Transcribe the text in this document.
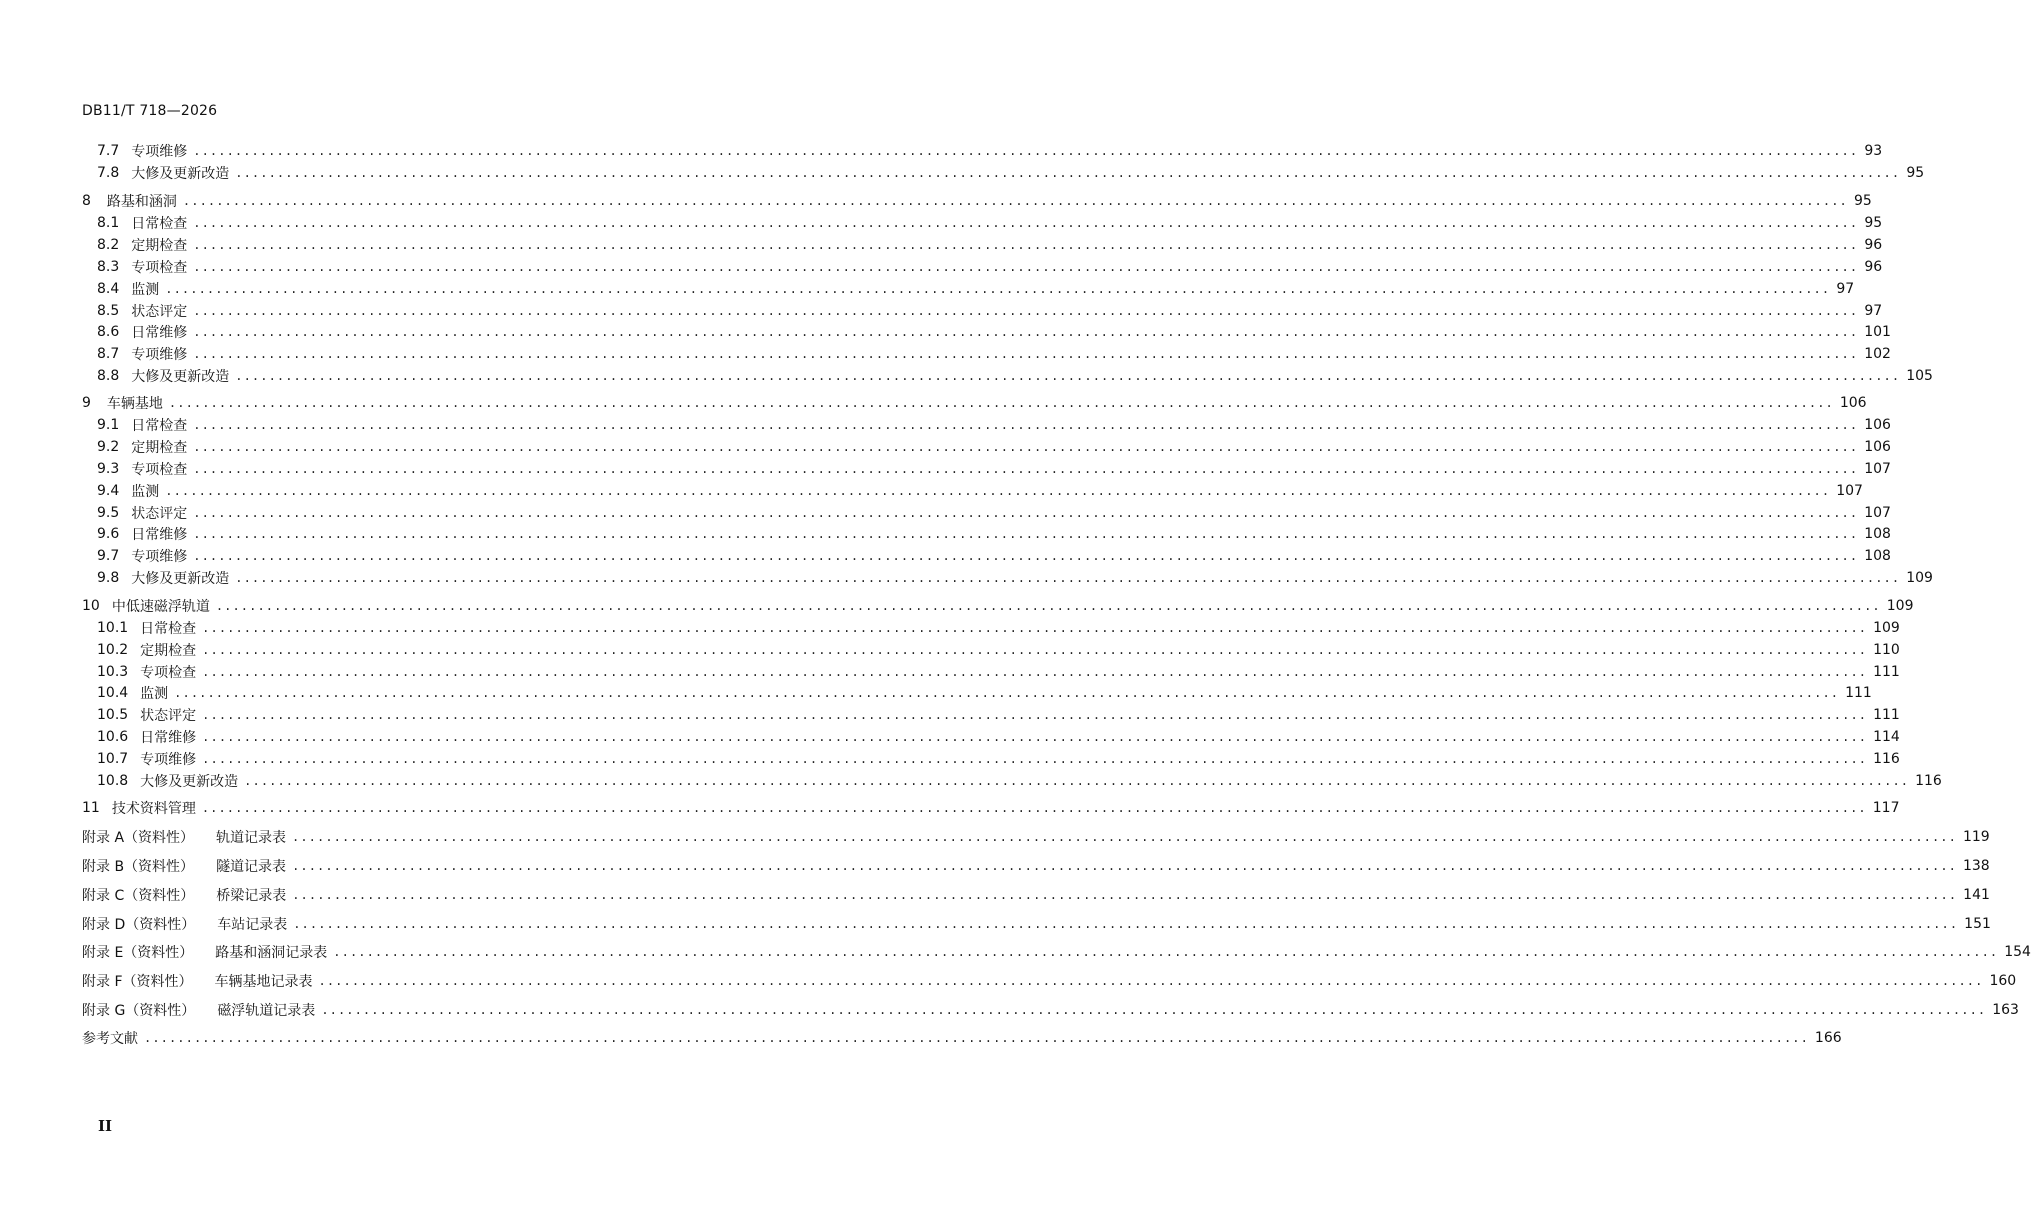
DB11/T 718—2026
7.7 专项维修 ........................................................................................................................................................................................................ 93
7.8 大修及更新改造 ........................................................................................................................................................................................................ 95
8 路基和涵洞 ........................................................................................................................................................................................................ 95
8.1 日常检查 ........................................................................................................................................................................................................ 95
8.2 定期检查 ........................................................................................................................................................................................................ 96
8.3 专项检查 ........................................................................................................................................................................................................ 96
8.4 监测 ........................................................................................................................................................................................................ 97
8.5 状态评定 ........................................................................................................................................................................................................ 97
8.6 日常维修 ........................................................................................................................................................................................................ 101
8.7 专项维修 ........................................................................................................................................................................................................ 102
8.8 大修及更新改造 ........................................................................................................................................................................................................ 105
9 车辆基地 ........................................................................................................................................................................................................ 106
9.1 日常检查 ........................................................................................................................................................................................................ 106
9.2 定期检查 ........................................................................................................................................................................................................ 106
9.3 专项检查 ........................................................................................................................................................................................................ 107
9.4 监测 ........................................................................................................................................................................................................ 107
9.5 状态评定 ........................................................................................................................................................................................................ 107
9.6 日常维修 ........................................................................................................................................................................................................ 108
9.7 专项维修 ........................................................................................................................................................................................................ 108
9.8 大修及更新改造 ........................................................................................................................................................................................................ 109
10 中低速磁浮轨道 ........................................................................................................................................................................................................ 109
10.1 日常检查 ........................................................................................................................................................................................................ 109
10.2 定期检查 ........................................................................................................................................................................................................ 110
10.3 专项检查 ........................................................................................................................................................................................................ 111
10.4 监测 ........................................................................................................................................................................................................ 111
10.5 状态评定 ........................................................................................................................................................................................................ 111
10.6 日常维修 ........................................................................................................................................................................................................ 114
10.7 专项维修 ........................................................................................................................................................................................................ 116
10.8 大修及更新改造 ........................................................................................................................................................................................................ 116
11 技术资料管理 ........................................................................................................................................................................................................ 117
附录 A（资料性） 轨道记录表 ........................................................................................................................................................................................................ 119
附录 B（资料性） 隧道记录表 ........................................................................................................................................................................................................ 138
附录 C（资料性） 桥梁记录表 ........................................................................................................................................................................................................ 141
附录 D（资料性） 车站记录表 ........................................................................................................................................................................................................ 151
附录 E（资料性） 路基和涵洞记录表 ........................................................................................................................................................................................................ 154
附录 F（资料性） 车辆基地记录表 ........................................................................................................................................................................................................ 160
附录 G（资料性） 磁浮轨道记录表 ........................................................................................................................................................................................................ 163
参考文献 ........................................................................................................................................................................................................ 166
II
